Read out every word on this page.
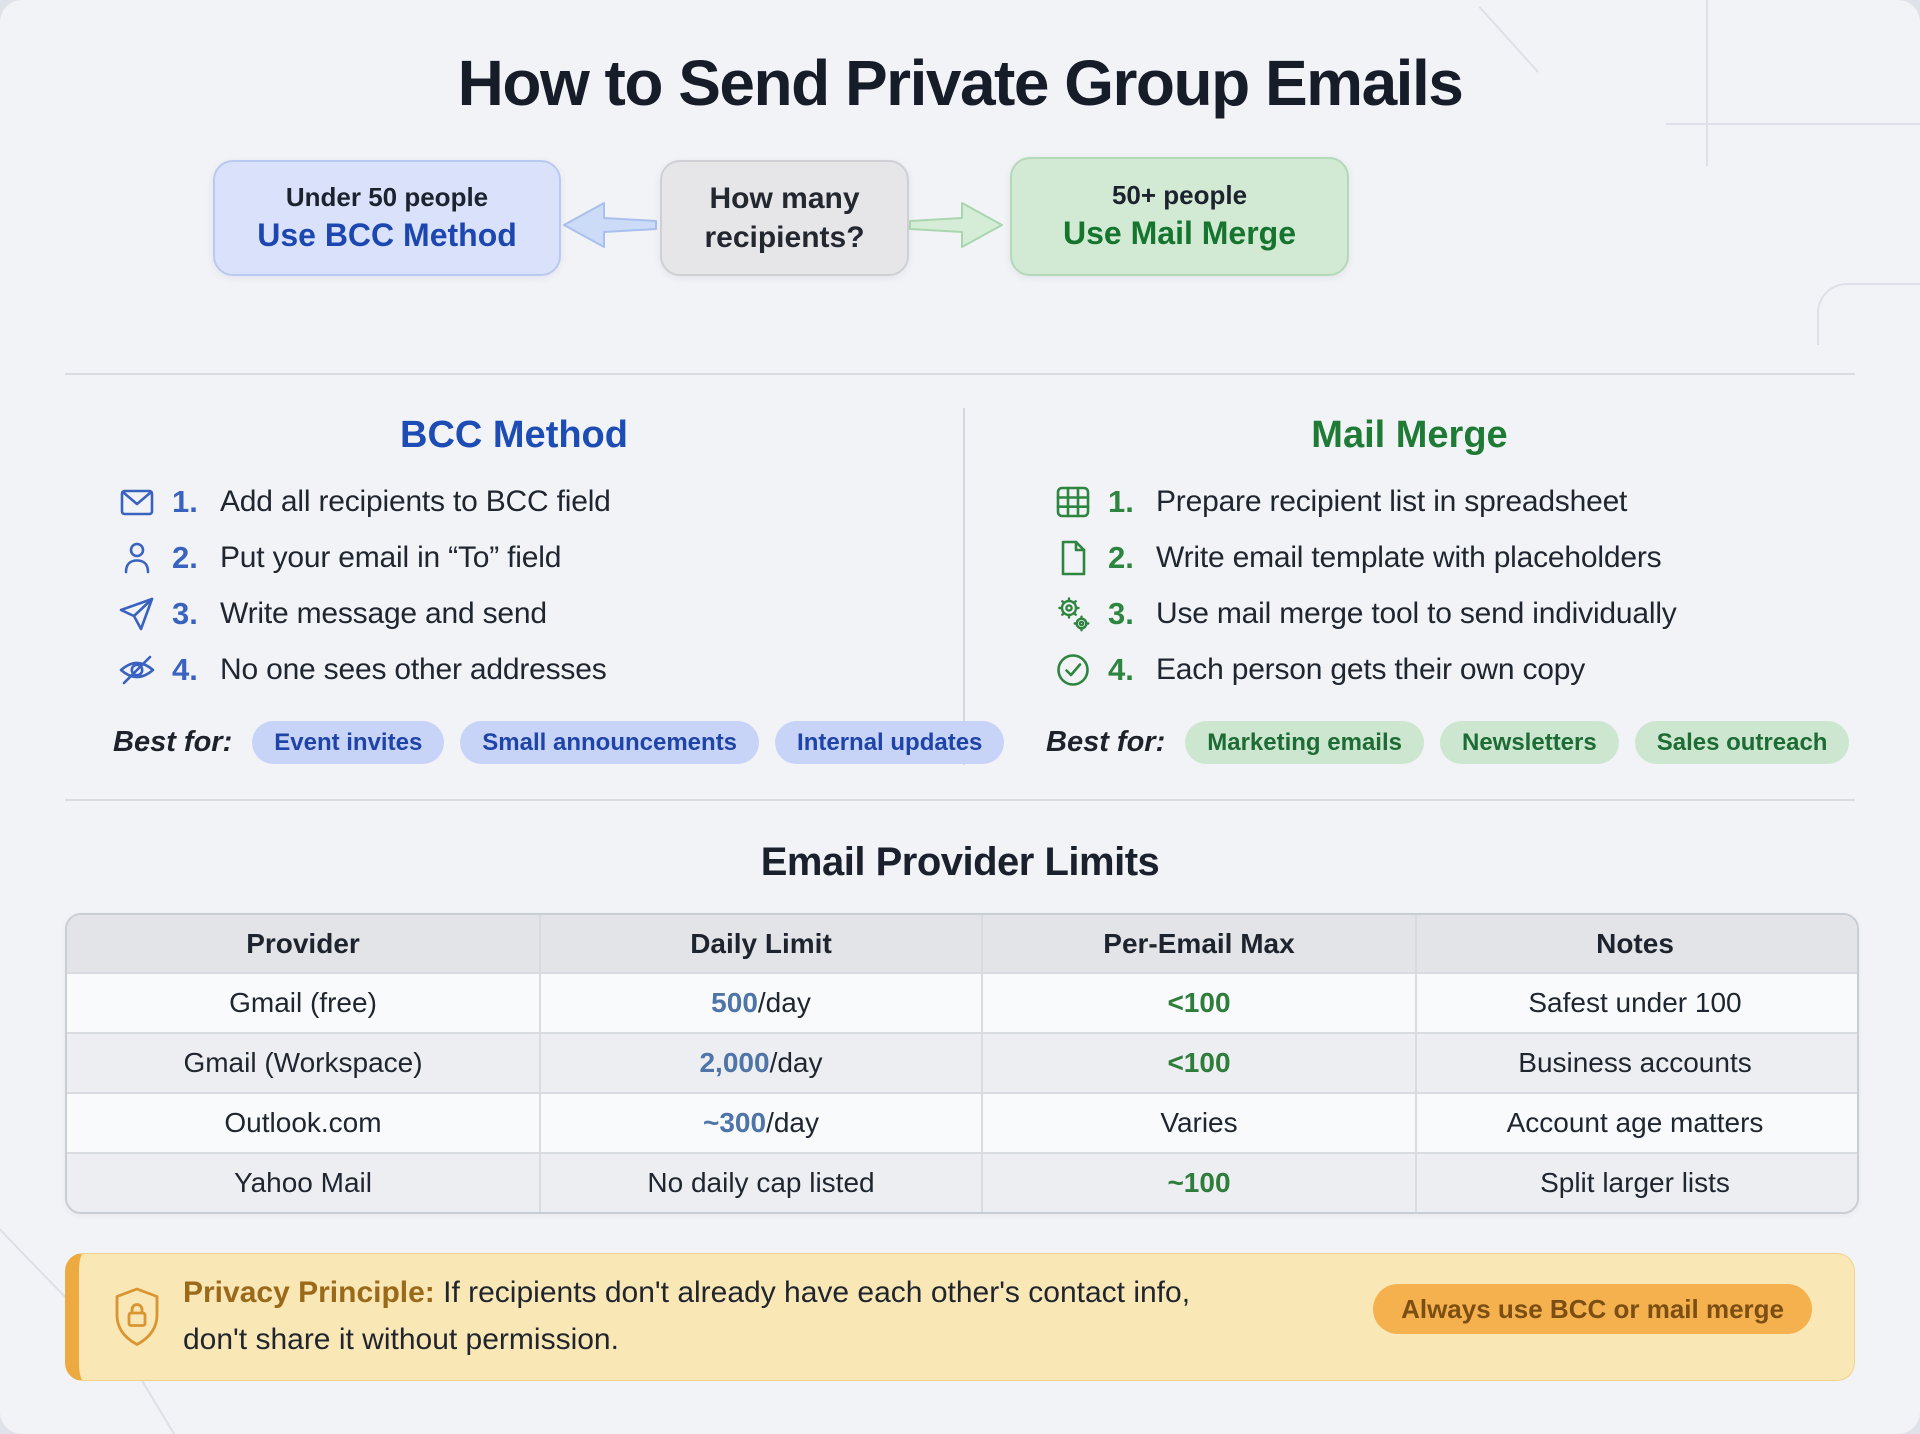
How to Send Private Group Emails
Under 50 people
Use BCC Method
How many
recipients?
50+ people
Use Mail Merge
BCC Method
1. Add all recipients to BCC field
2. Put your email in “To” field
3. Write message and send
4. No one sees other addresses
Best for:	Event invites	Small announcements	Internal updates
Mail Merge
1. Prepare recipient list in spreadsheet
2. Write email template with placeholders
3. Use mail merge tool to send individually
4. Each person gets their own copy
Best for:	Marketing emails	Newsletters	Sales outreach
Email Provider Limits
Provider	Daily Limit	Per-Email Max	Notes
Gmail (free)	500 /day	<100	Safest under 100
Gmail (Workspace)	2,000 /day	<100	Business accounts
Outlook.com	~300 /day	Varies	Account age matters
Yahoo Mail	No daily cap listed	~100	Split larger lists
Privacy Principle: If recipients don't already have each other's contact info, don't share it without permission.
Always use BCC or mail merge
